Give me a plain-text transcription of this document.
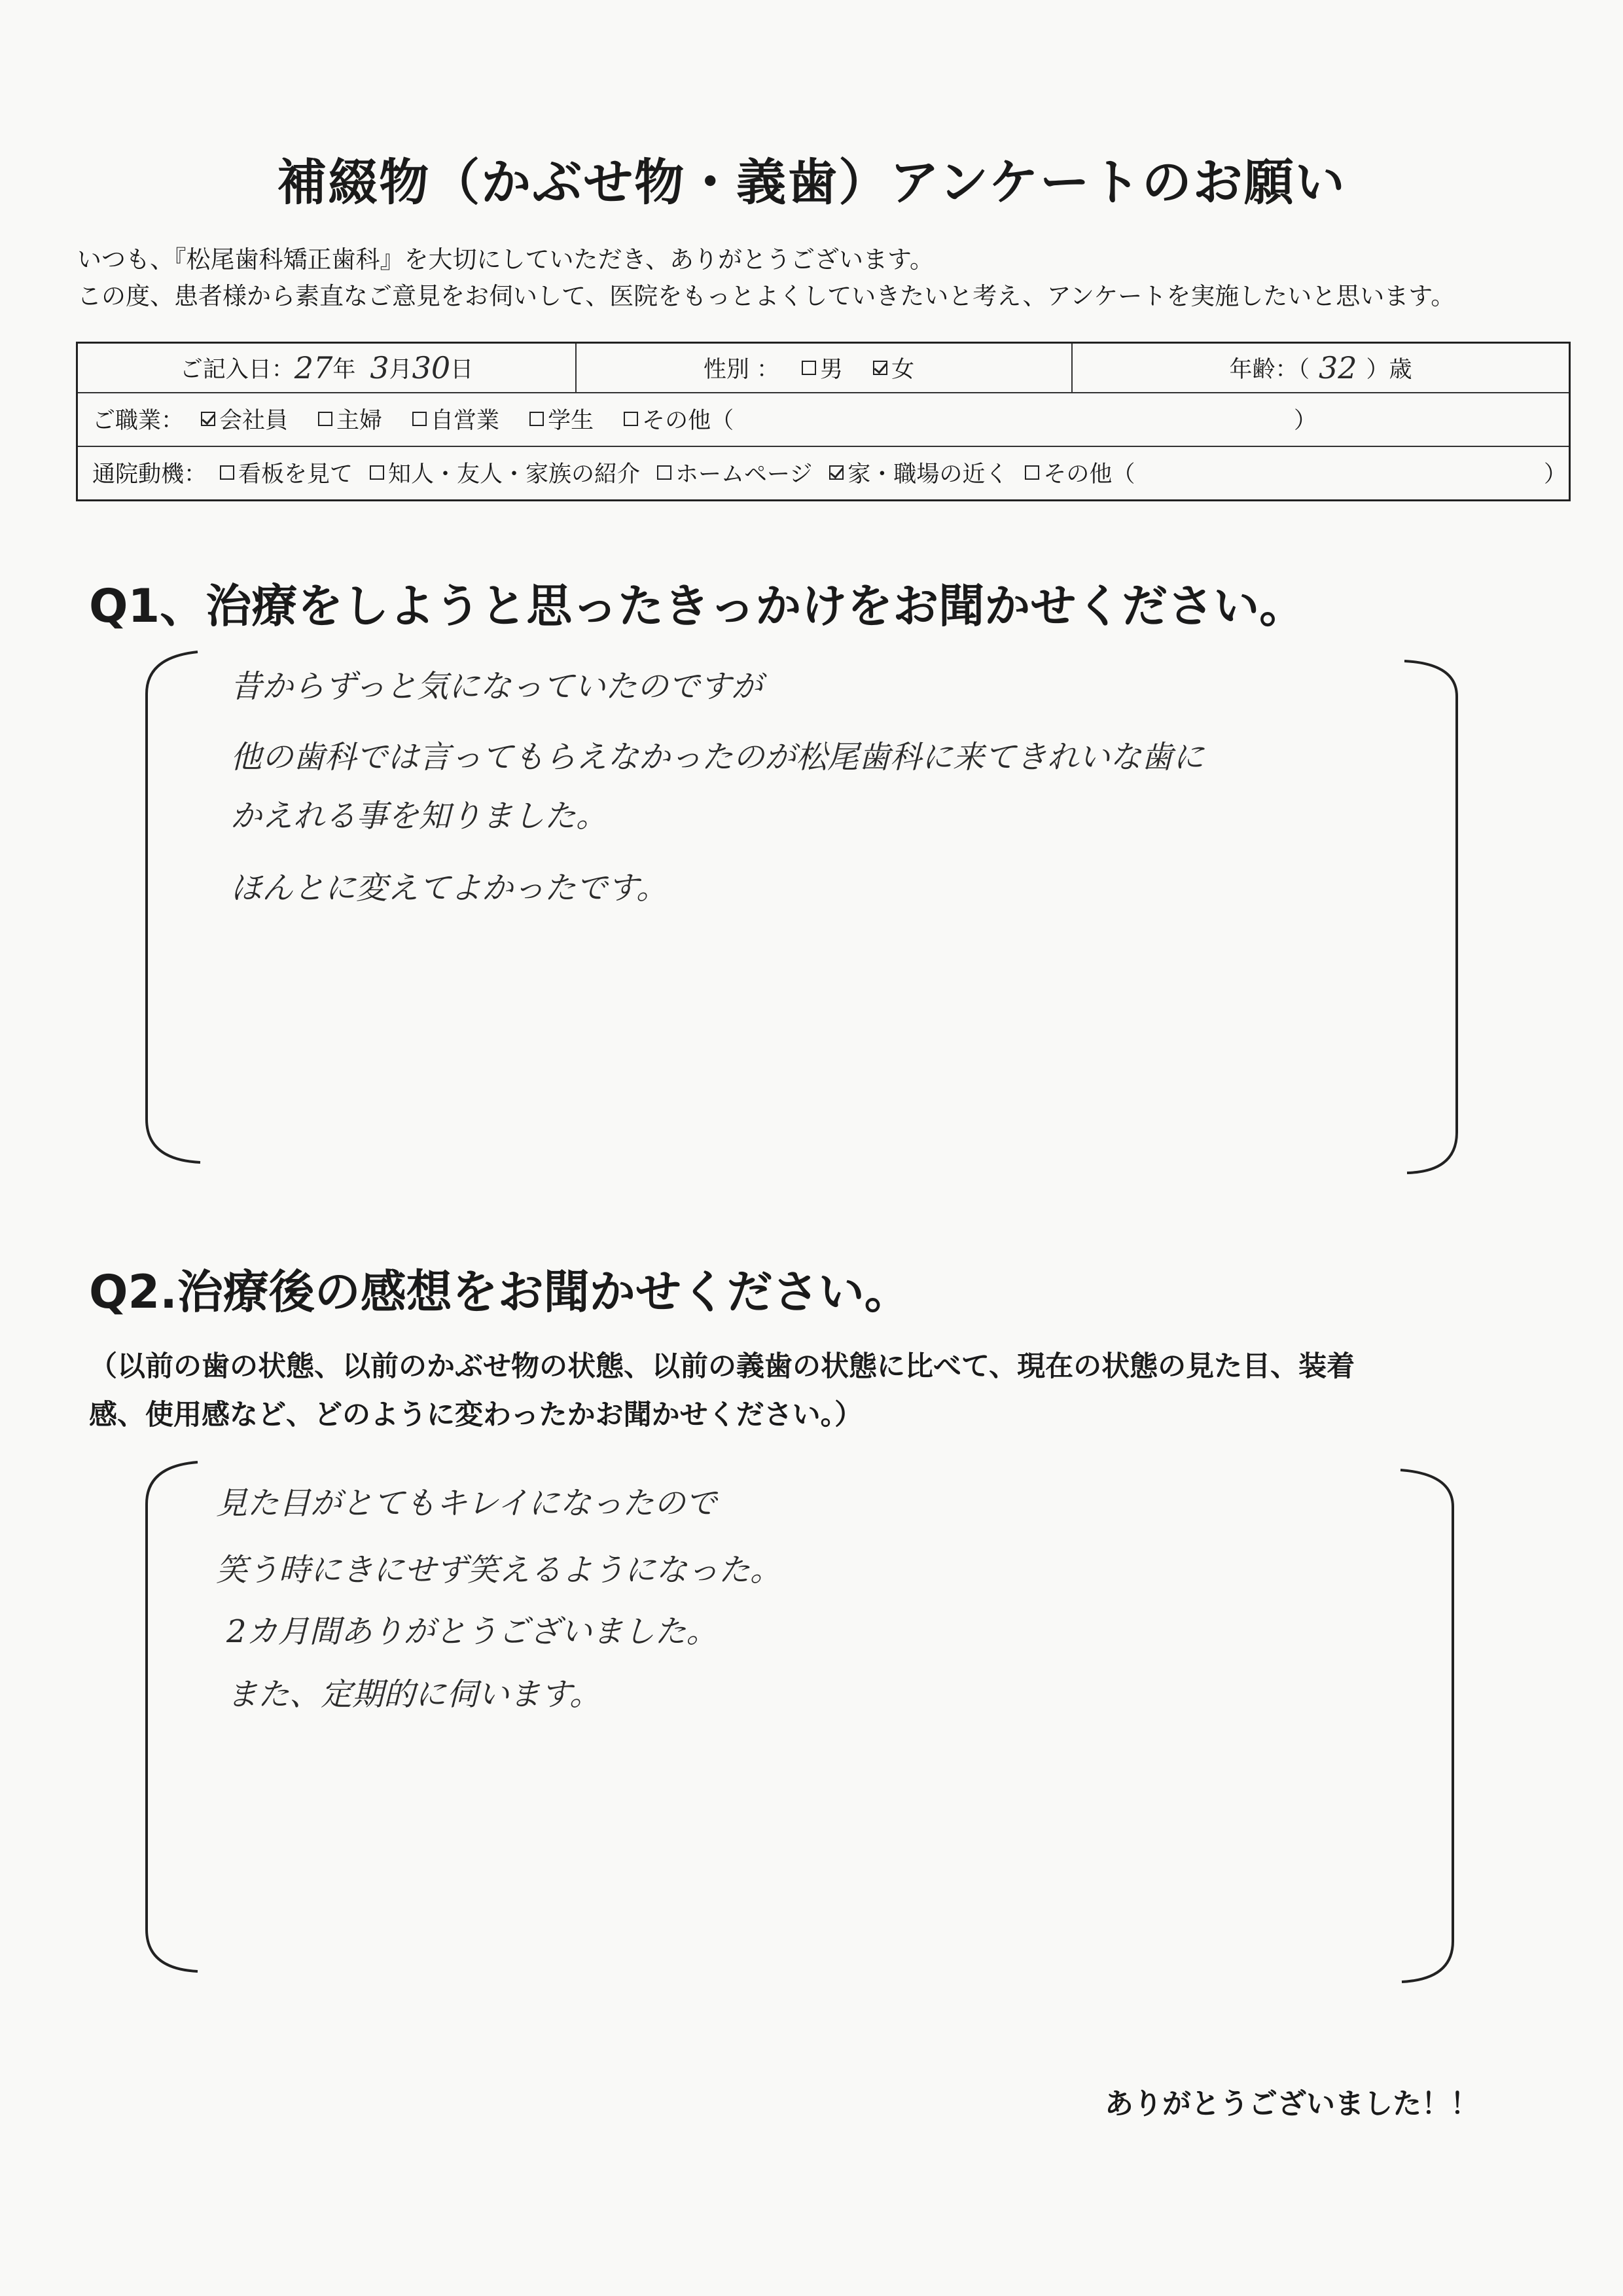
補綴物（かぶせ物・義歯）アンケートのお願い
いつも、『松尾歯科矯正歯科』を大切にしていただき、ありがとうございます。
この度、患者様から素直なご意見をお伺いして、医院をもっとよくしていきたいと考え、アンケートを実施したいと思います。
ご記入日： 27 年 3 月 30 日	性別 ： 男 女	年齢：（ 32 ）歳
ご職業： 会社員 主婦 自営業 学生 その他（	）
通院動機： 看板を見て 知人・友人・家族の紹介 ホームページ 家・職場の近く その他（	）
Q1、治療をしようと思ったきっかけをお聞かせください。
昔からずっと気になっていたのですが
他の歯科では言ってもらえなかったのが松尾歯科に来てきれいな歯に
かえれる事を知りました。
ほんとに変えてよかったです。
Q2.治療後の感想をお聞かせください。
（以前の歯の状態、以前のかぶせ物の状態、以前の義歯の状態に比べて、現在の状態の見た目、装着
感、使用感など、どのように変わったかお聞かせください。）
見た目がとてもキレイになったので
笑う時にきにせず笑えるようになった。
2カ月間ありがとうございました。
また、定期的に伺います。
ありがとうございました！！
